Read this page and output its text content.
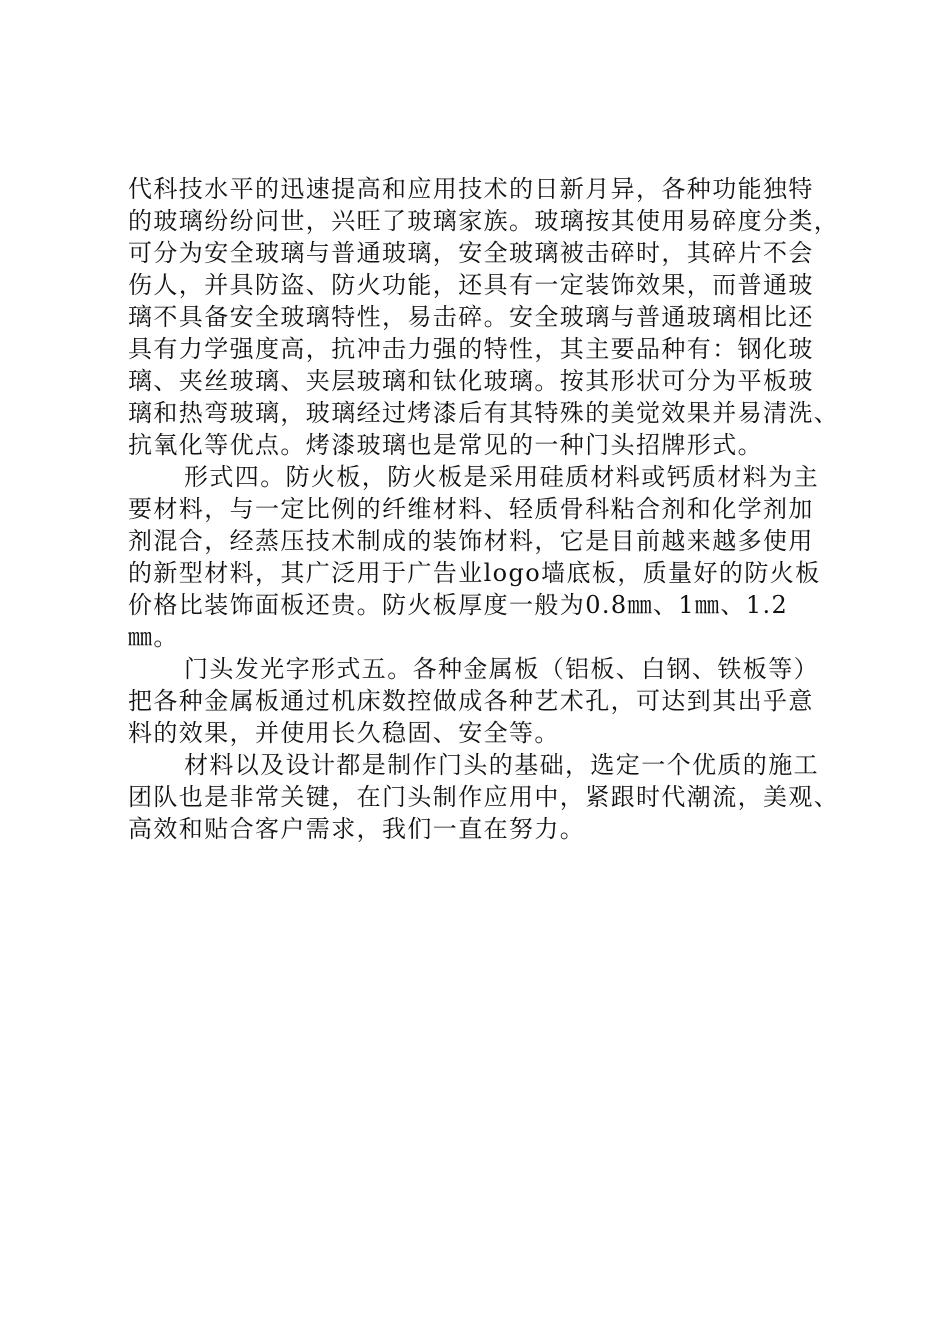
代科技水平的迅速提高和应用技术的日新月异，各种功能独特
的玻璃纷纷问世，兴旺了玻璃家族。玻璃按其使用易碎度分类，
可分为安全玻璃与普通玻璃，安全玻璃被击碎时，其碎片不会
伤人，并具防盗、防火功能，还具有一定装饰效果，而普通玻
璃不具备安全玻璃特性，易击碎。安全玻璃与普通玻璃相比还
具有力学强度高，抗冲击力强的特性，其主要品种有：钢化玻
璃、夹丝玻璃、夹层玻璃和钛化玻璃。按其形状可分为平板玻
璃和热弯玻璃，玻璃经过烤漆后有其特殊的美觉效果并易清洗、
抗氧化等优点。烤漆玻璃也是常见的一种门头招牌形式。
形式四。防火板，防火板是采用硅质材料或钙质材料为主
要材料，与一定比例的纤维材料、轻质骨科粘合剂和化学剂加
剂混合，经蒸压技术制成的装饰材料，它是目前越来越多使用
的新型材料，其广泛用于广告业logo墙底板，质量好的防火板
价格比装饰面板还贵。防火板厚度一般为0.8㎜、1㎜、1.2
㎜。
门头发光字形式五。各种金属板（铝板、白钢、铁板等）
把各种金属板通过机床数控做成各种艺术孔，可达到其出乎意
料的效果，并使用长久稳固、安全等。
材料以及设计都是制作门头的基础，选定一个优质的施工
团队也是非常关键，在门头制作应用中，紧跟时代潮流，美观、
高效和贴合客户需求，我们一直在努力。
